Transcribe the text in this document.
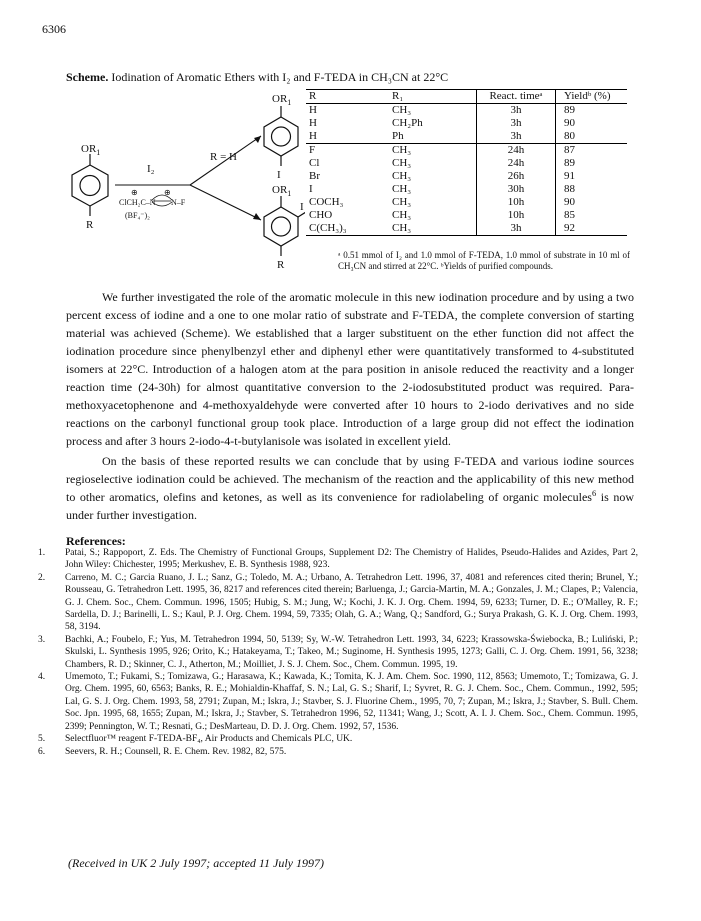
6306
Scheme. Iodination of Aromatic Ethers with I₂ and F-TEDA in CH₃CN at 22°C
$OR_1$
R
I₂
R = H
⊕	⊕
ClCH₂C–N N–F
(BF₄⁻)₂
$OR_1$
I
$OR_1$
I
R
R	R₁	React. timeᵃ	Yieldᵇ (%)
H	CH₃	3h	89
H	CH₂Ph	3h	90
H	Ph	3h	80
F	CH₃	24h	87
Cl	CH₃	24h	89
Br	CH₃	26h	91
I	CH₃	30h	88
COCH₃	CH₃	10h	90
CHO	CH₃	10h	85
C(CH₃)₃	CH₃	3h	92
ᵃ 0.51 mmol of I₂ and 1.0 mmol of F-TEDA, 1.0 mmol of substrate in 10 ml of CH₃CN and stirred at 22°C. ᵇYields of purified compounds.
We further investigated the role of the aromatic molecule in this new iodination procedure and by using a two percent excess of iodine and a one to one molar ratio of substrate and F-TEDA, the complete conversion of starting material was achieved (Scheme). We established that a larger substituent on the ether function did not affect the iodination procedure since phenylbenzyl ether and diphenyl ether were quantitatively transformed to 4-substituted isomers at 22°C. Introduction of a halogen atom at the para position in anisole reduced the reactivity and a longer reaction time (24-30h) for almost quantitative conversion to the 2-iodosubstituted product was required. Para-methoxyacetophenone and 4-methoxyaldehyde were converted after 10 hours to 2-iodo derivatives and no side reactions on the carbonyl functional group took place. Introduction of a large group did not effect the iodination process and after 3 hours 2-iodo-4-t-butylanisole was isolated in excellent yield.
On the basis of these reported results we can conclude that by using F-TEDA and various iodine sources regioselective iodination could be achieved. The mechanism of the reaction and the applicability of this new method to other aromatics, olefins and ketones, as well as its convenience for radiolabeling of organic molecules$^6$ is now under further investigation.
References:
1.	Patai, S.; Rappoport, Z. Eds. The Chemistry of Functional Groups, Supplement D2: The Chemistry of Halides, Pseudo-Halides and Azides, Part 2, John Wiley: Chichester, 1995; Merkushev, E. B. Synthesis 1988, 923.
2.	Carreno, M. C.; Garcia Ruano, J. L.; Sanz, G.; Toledo, M. A.; Urbano, A. Tetrahedron Lett. 1996, 37, 4081 and references cited therin; Brunel, Y.; Rousseau, G. Tetrahedron Lett. 1995, 36, 8217 and references cited therein; Barluenga, J.; Garcia-Martin, M. A.; Gonzales, J. M.; Clapes, P.; Valencia, G. J. Chem. Soc., Chem. Commun. 1996, 1505; Hubig, S. M.; Jung, W.; Kochi, J. K. J. Org. Chem. 1994, 59, 6233; Turner, D. E.; O'Malley, R. F.; Sardella, D. J.; Barinelli, L. S.; Kaul, P. J. Org. Chem. 1994, 59, 7335; Olah, G. A.; Wang, Q.; Sandford, G.; Surya Prakash, G. K. J. Org. Chem. 1993, 58, 3194.
3.	Bachki, A.; Foubelo, F.; Yus, M. Tetrahedron 1994, 50, 5139; Sy, W.-W. Tetrahedron Lett. 1993, 34, 6223; Krassowska-Świebocka, B.; Luliński, P.; Skulski, L. Synthesis 1995, 926; Orito, K.; Hatakeyama, T.; Takeo, M.; Suginome, H. Synthesis 1995, 1273; Galli, C. J. Org. Chem. 1991, 56, 3238; Chambers, R. D.; Skinner, C. J., Atherton, M.; Moilliet, J. S. J. Chem. Soc., Chem. Commun. 1995, 19.
4.	Umemoto, T.; Fukami, S.; Tomizawa, G.; Harasawa, K.; Kawada, K.; Tomita, K. J. Am. Chem. Soc. 1990, 112, 8563; Umemoto, T.; Tomizawa, G. J. Org. Chem. 1995, 60, 6563; Banks, R. E.; Mohialdin-Khaffaf, S. N.; Lal, G. S.; Sharif, I.; Syvret, R. G. J. Chem. Soc., Chem. Commun., 1992, 595; Lal, G. S. J. Org. Chem. 1993, 58, 2791; Zupan, M.; Iskra, J.; Stavber, S. J. Fluorine Chem., 1995, 70, 7; Zupan, M.; Iskra, J.; Stavber, S. Bull. Chem. Soc. Jpn. 1995, 68, 1655; Zupan, M.; Iskra, J.; Stavber, S. Tetrahedron 1996, 52, 11341; Wang, J.; Scott, A. I. J. Chem. Soc., Chem. Commun. 1995, 2399; Pennington, W. T.; Resnati, G.; DesMarteau, D. D. J. Org. Chem. 1992, 57, 1536.
5.	Selectfluor™ reagent F-TEDA-BF₄, Air Products and Chemicals PLC, UK.
6.	Seevers, R. H.; Counsell, R. E. Chem. Rev. 1982, 82, 575.
(Received in UK 2 July 1997; accepted 11 July 1997)
